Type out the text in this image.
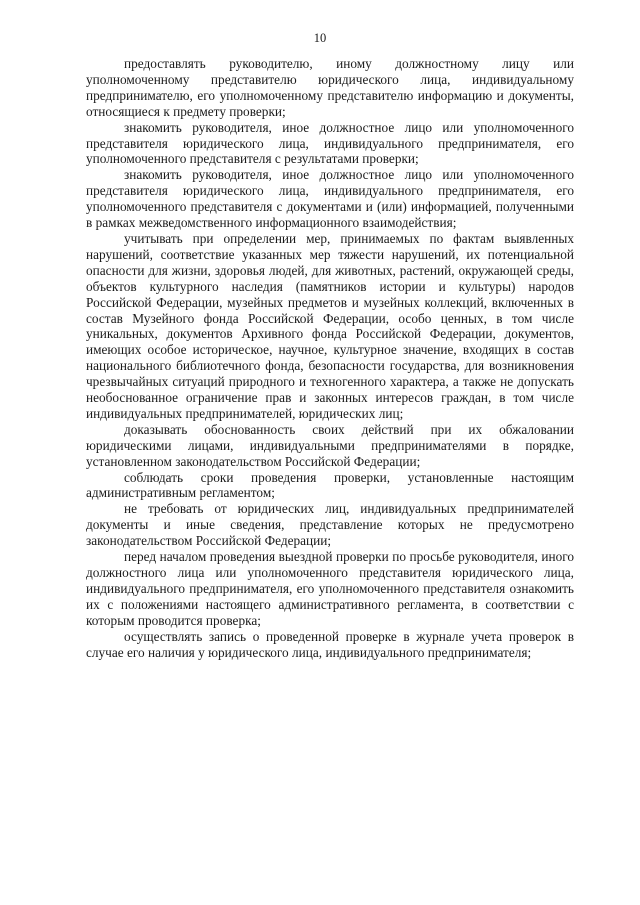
10

предоставлять руководителю, иному должностному лицу или уполномоченному представителю юридического лица, индивидуальному предпринимателю, его уполномоченному представителю информацию и документы, относящиеся к предмету проверки;

знакомить руководителя, иное должностное лицо или уполномоченного представителя юридического лица, индивидуального предпринимателя, его уполномоченного представителя с результатами проверки;

знакомить руководителя, иное должностное лицо или уполномоченного представителя юридического лица, индивидуального предпринимателя, его уполномоченного представителя с документами и (или) информацией, полученными в рамках межведомственного информационного взаимодействия;

учитывать при определении мер, принимаемых по фактам выявленных нарушений, соответствие указанных мер тяжести нарушений, их потенциальной опасности для жизни, здоровья людей, для животных, растений, окружающей среды, объектов культурного наследия (памятников истории и культуры) народов Российской Федерации, музейных предметов и музейных коллекций, включенных в состав Музейного фонда Российской Федерации, особо ценных, в том числе уникальных, документов Архивного фонда Российской Федерации, документов, имеющих особое историческое, научное, культурное значение, входящих в состав национального библиотечного фонда, безопасности государства, для возникновения чрезвычайных ситуаций природного и техногенного характера, а также не допускать необоснованное ограничение прав и законных интересов граждан, в том числе индивидуальных предпринимателей, юридических лиц;

доказывать обоснованность своих действий при их обжаловании юридическими лицами, индивидуальными предпринимателями в порядке, установленном законодательством Российской Федерации;

соблюдать сроки проведения проверки, установленные настоящим административным регламентом;

не требовать от юридических лиц, индивидуальных предпринимателей документы и иные сведения, представление которых не предусмотрено законодательством Российской Федерации;

перед началом проведения выездной проверки по просьбе руководителя, иного должностного лица или уполномоченного представителя юридического лица, индивидуального предпринимателя, его уполномоченного представителя ознакомить их с положениями настоящего административного регламента, в соответствии с которым проводится проверка;

осуществлять запись о проведенной проверке в журнале учета проверок в случае его наличия у юридического лица, индивидуального предпринимателя;
